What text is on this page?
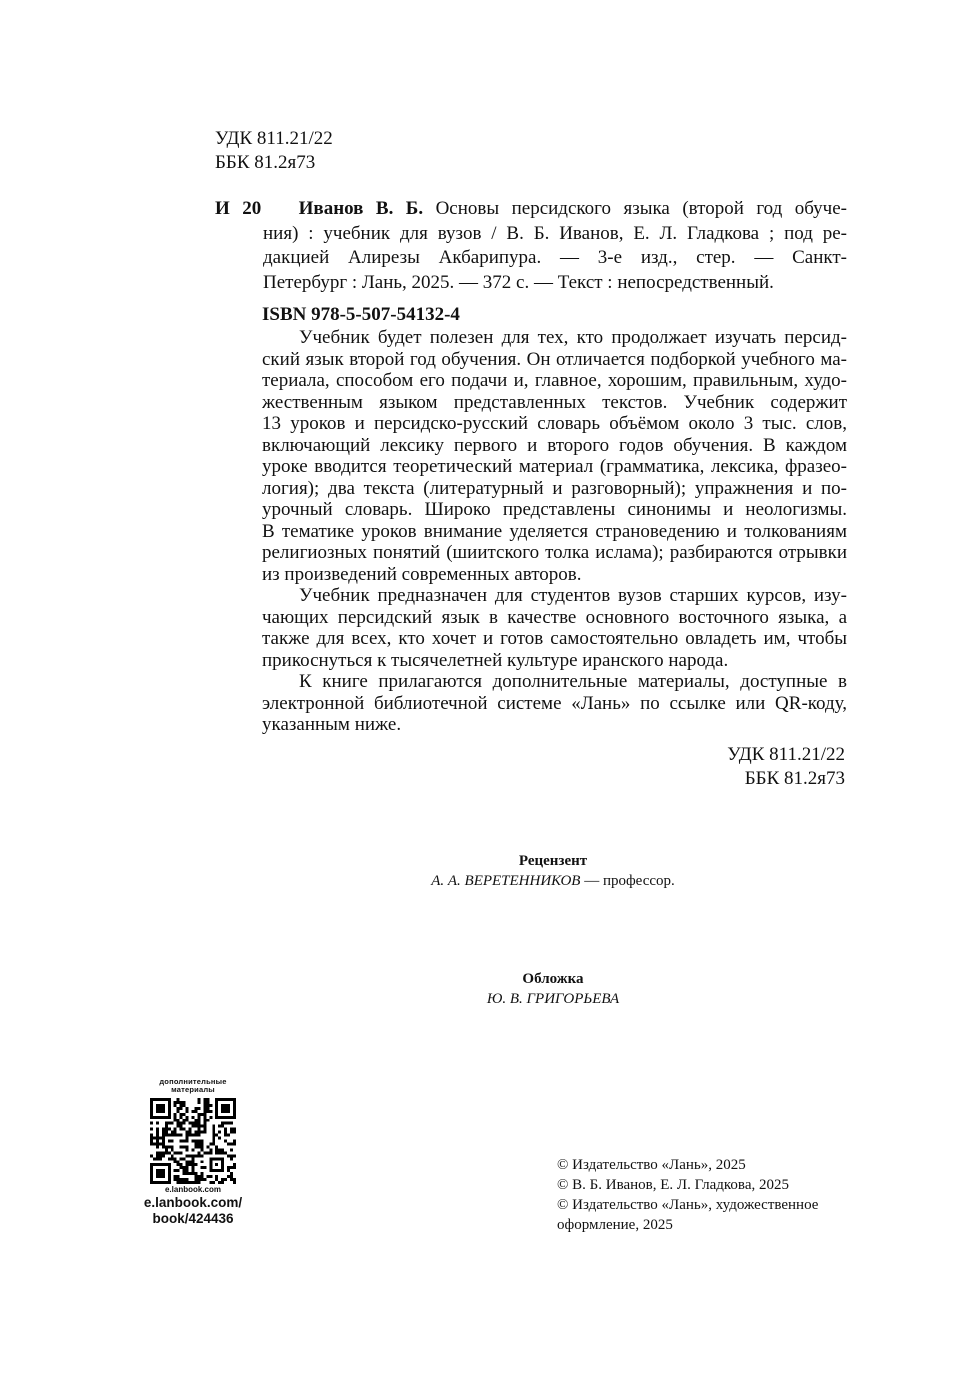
УДК 811.21/22
ББК 81.2я73
И 20 Иванов В. Б. Основы персидского языка (второй год обуче-
ния) : учебник для вузов / В. Б. Иванов, Е. Л. Гладкова ; под ре-
дакцией Алирезы Акбарипура. — 3-е изд., стер. — Санкт-
Петербург : Лань, 2025. — 372 с. — Текст : непосредственный.
ISBN 978-5-507-54132-4
Учебник будет полезен для тех, кто продолжает изучать персид-
ский язык второй год обучения. Он отличается подборкой учебного ма-
териала, способом его подачи и, главное, хорошим, правильным, худо-
жественным языком представленных текстов. Учебник содержит
13 уроков и персидско-русский словарь объёмом около 3 тыс. слов,
включающий лексику первого и второго годов обучения. В каждом
уроке вводится теоретический материал (грамматика, лексика, фразео-
логия); два текста (литературный и разговорный); упражнения и по-
урочный словарь. Широко представлены синонимы и неологизмы.
В тематике уроков внимание уделяется страноведению и толкованиям
религиозных понятий (шиитского толка ислама); разбираются отрывки
из произведений современных авторов.
Учебник предназначен для студентов вузов старших курсов, изу-
чающих персидский язык в качестве основного восточного языка, а
также для всех, кто хочет и готов самостоятельно овладеть им, чтобы
прикоснуться к тысячелетней культуре иранского народа.
К книге прилагаются дополнительные материалы, доступные в
электронной библиотечной системе «Лань» по ссылке или QR-коду,
указанным ниже.
УДК 811.21/22
ББК 81.2я73
Рецензент
А. А. ВЕРЕТЕННИКОВ — профессор.
Обложка
Ю. В. ГРИГОРЬЕВА
дополнительные материалы
e.lanbook.com
e.lanbook.com/
book/424436
© Издательство «Лань», 2025
© В. Б. Иванов, Е. Л. Гладкова, 2025
© Издательство «Лань», художественное
оформление, 2025
